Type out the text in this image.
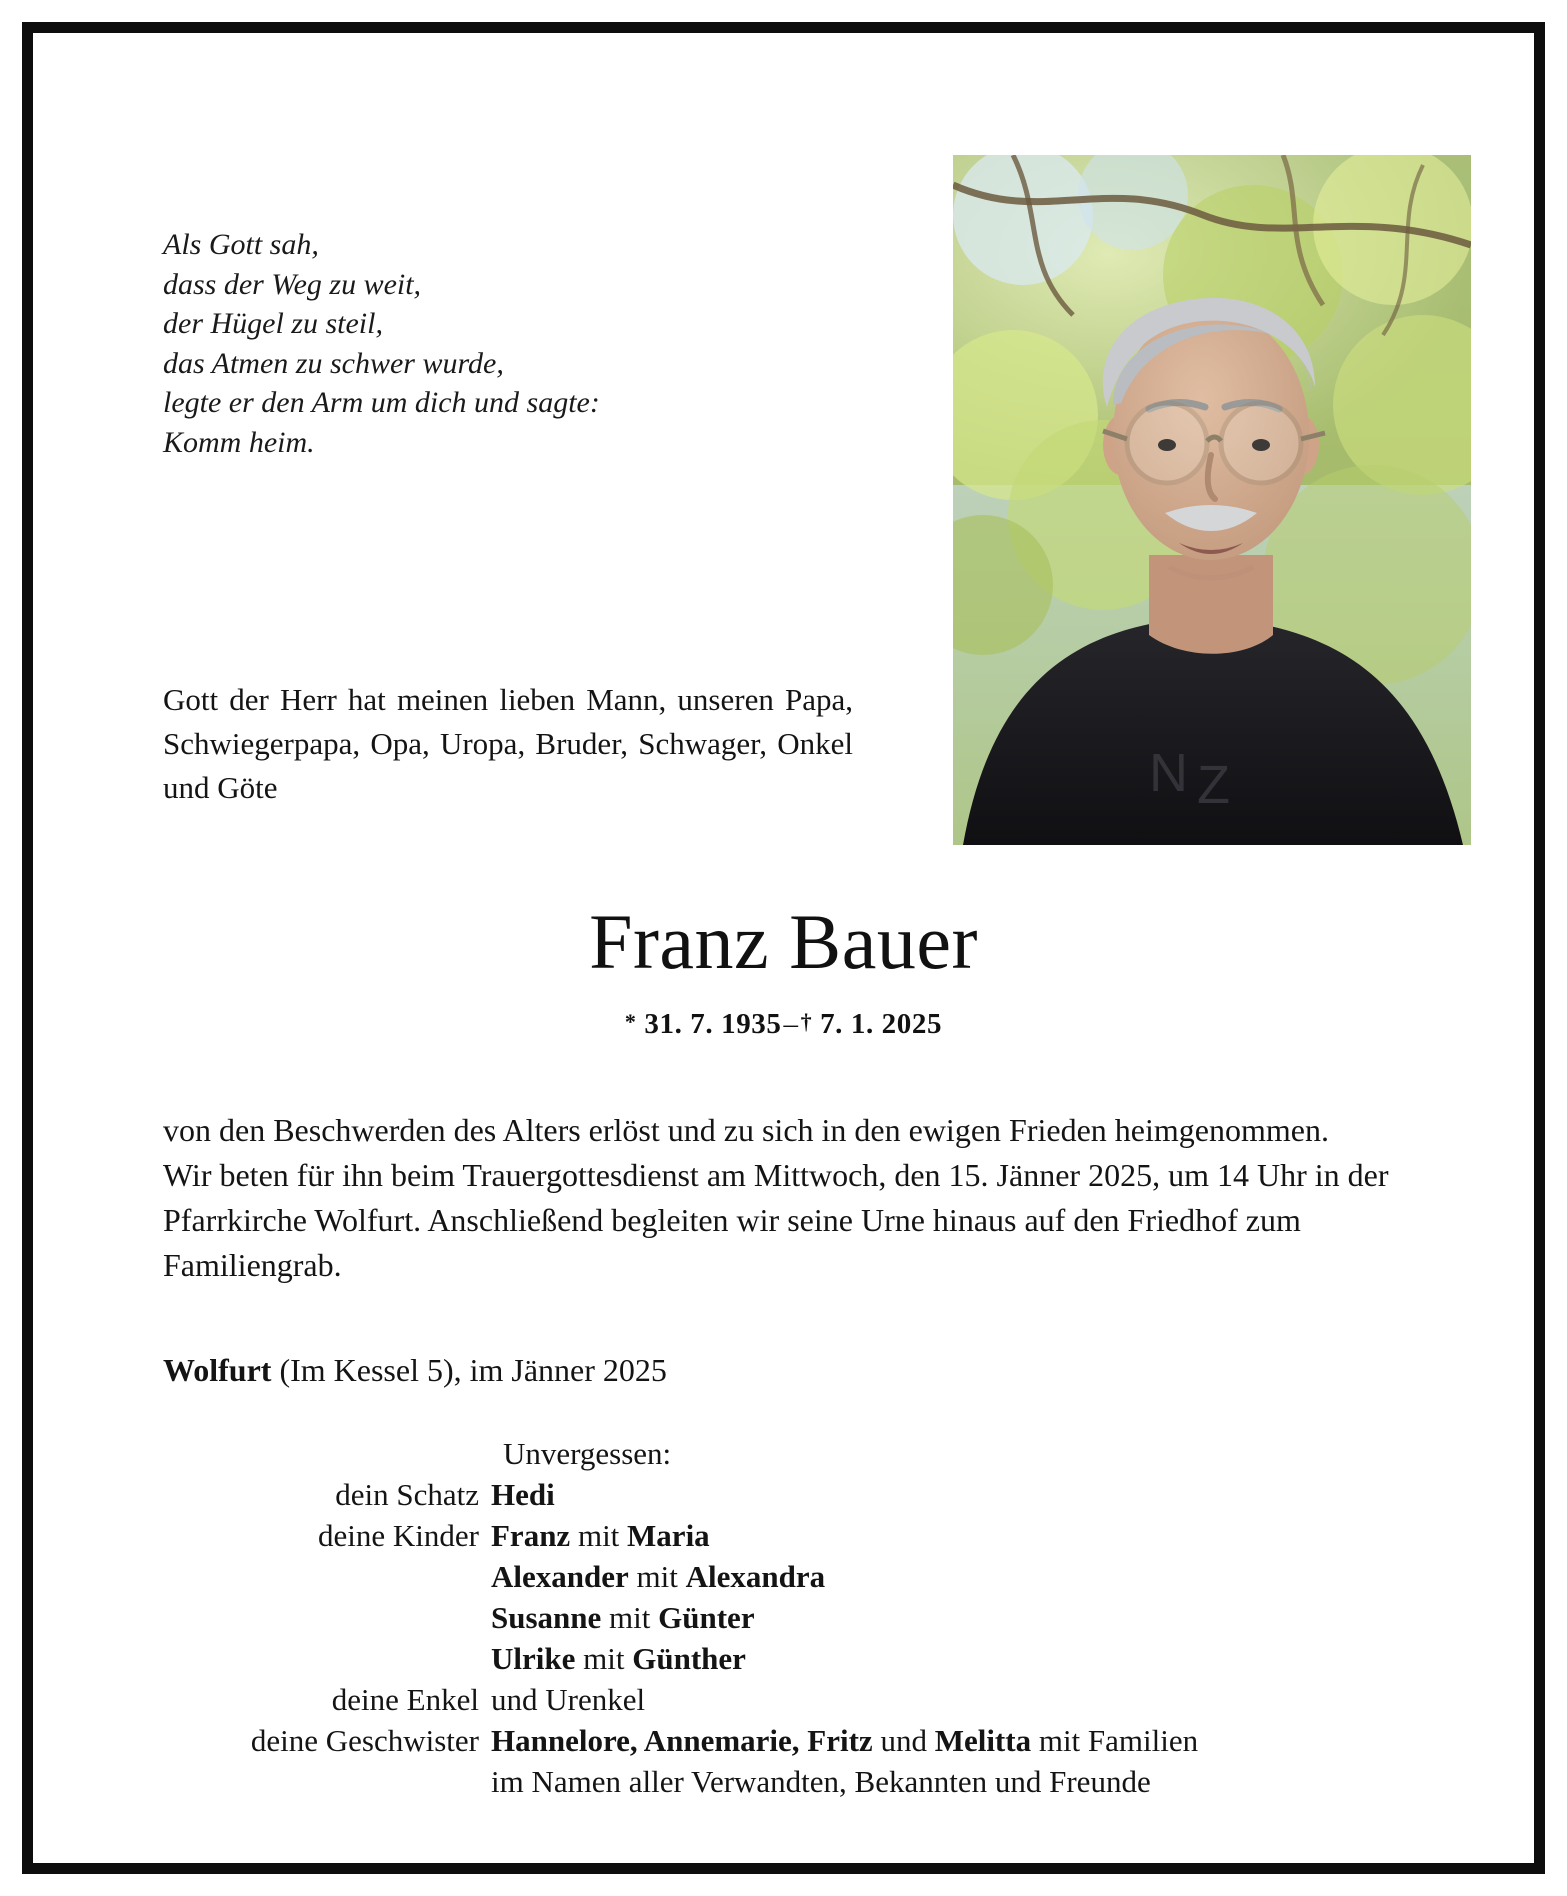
Als Gott sah,
dass der Weg zu weit,
der Hügel zu steil,
das Atmen zu schwer wurde,
legte er den Arm um dich und sagte:
Komm heim.
N Z
Gott der Herr hat meinen lieben Mann, unseren Papa, Schwiegerpapa, Opa, Uropa, Bruder, Schwager, Onkel und Göte
Franz Bauer
* 31. 7. 1935–† 7. 1. 2025

von den Beschwerden des Alters erlöst und zu sich in den ewigen Frieden heimgenommen.

Wir beten für ihn beim Trauergottesdienst am Mittwoch, den 15. Jänner 2025, um 14 Uhr in der Pfarrkirche Wolfurt. Anschließend begleiten wir seine Urne hinaus auf den Friedhof zum Familiengrab.

Wolfurt (Im Kessel 5), im Jänner 2025
Unvergessen:
dein Schatz Hedi
deine Kinder Franz mit Maria
Alexander mit Alexandra
Susanne mit Günter
Ulrike mit Günther
deine Enkel und Urenkel
deine Geschwister Hannelore, Annemarie, Fritz und Melitta mit Familien
im Namen aller Verwandten, Bekannten und Freunde
